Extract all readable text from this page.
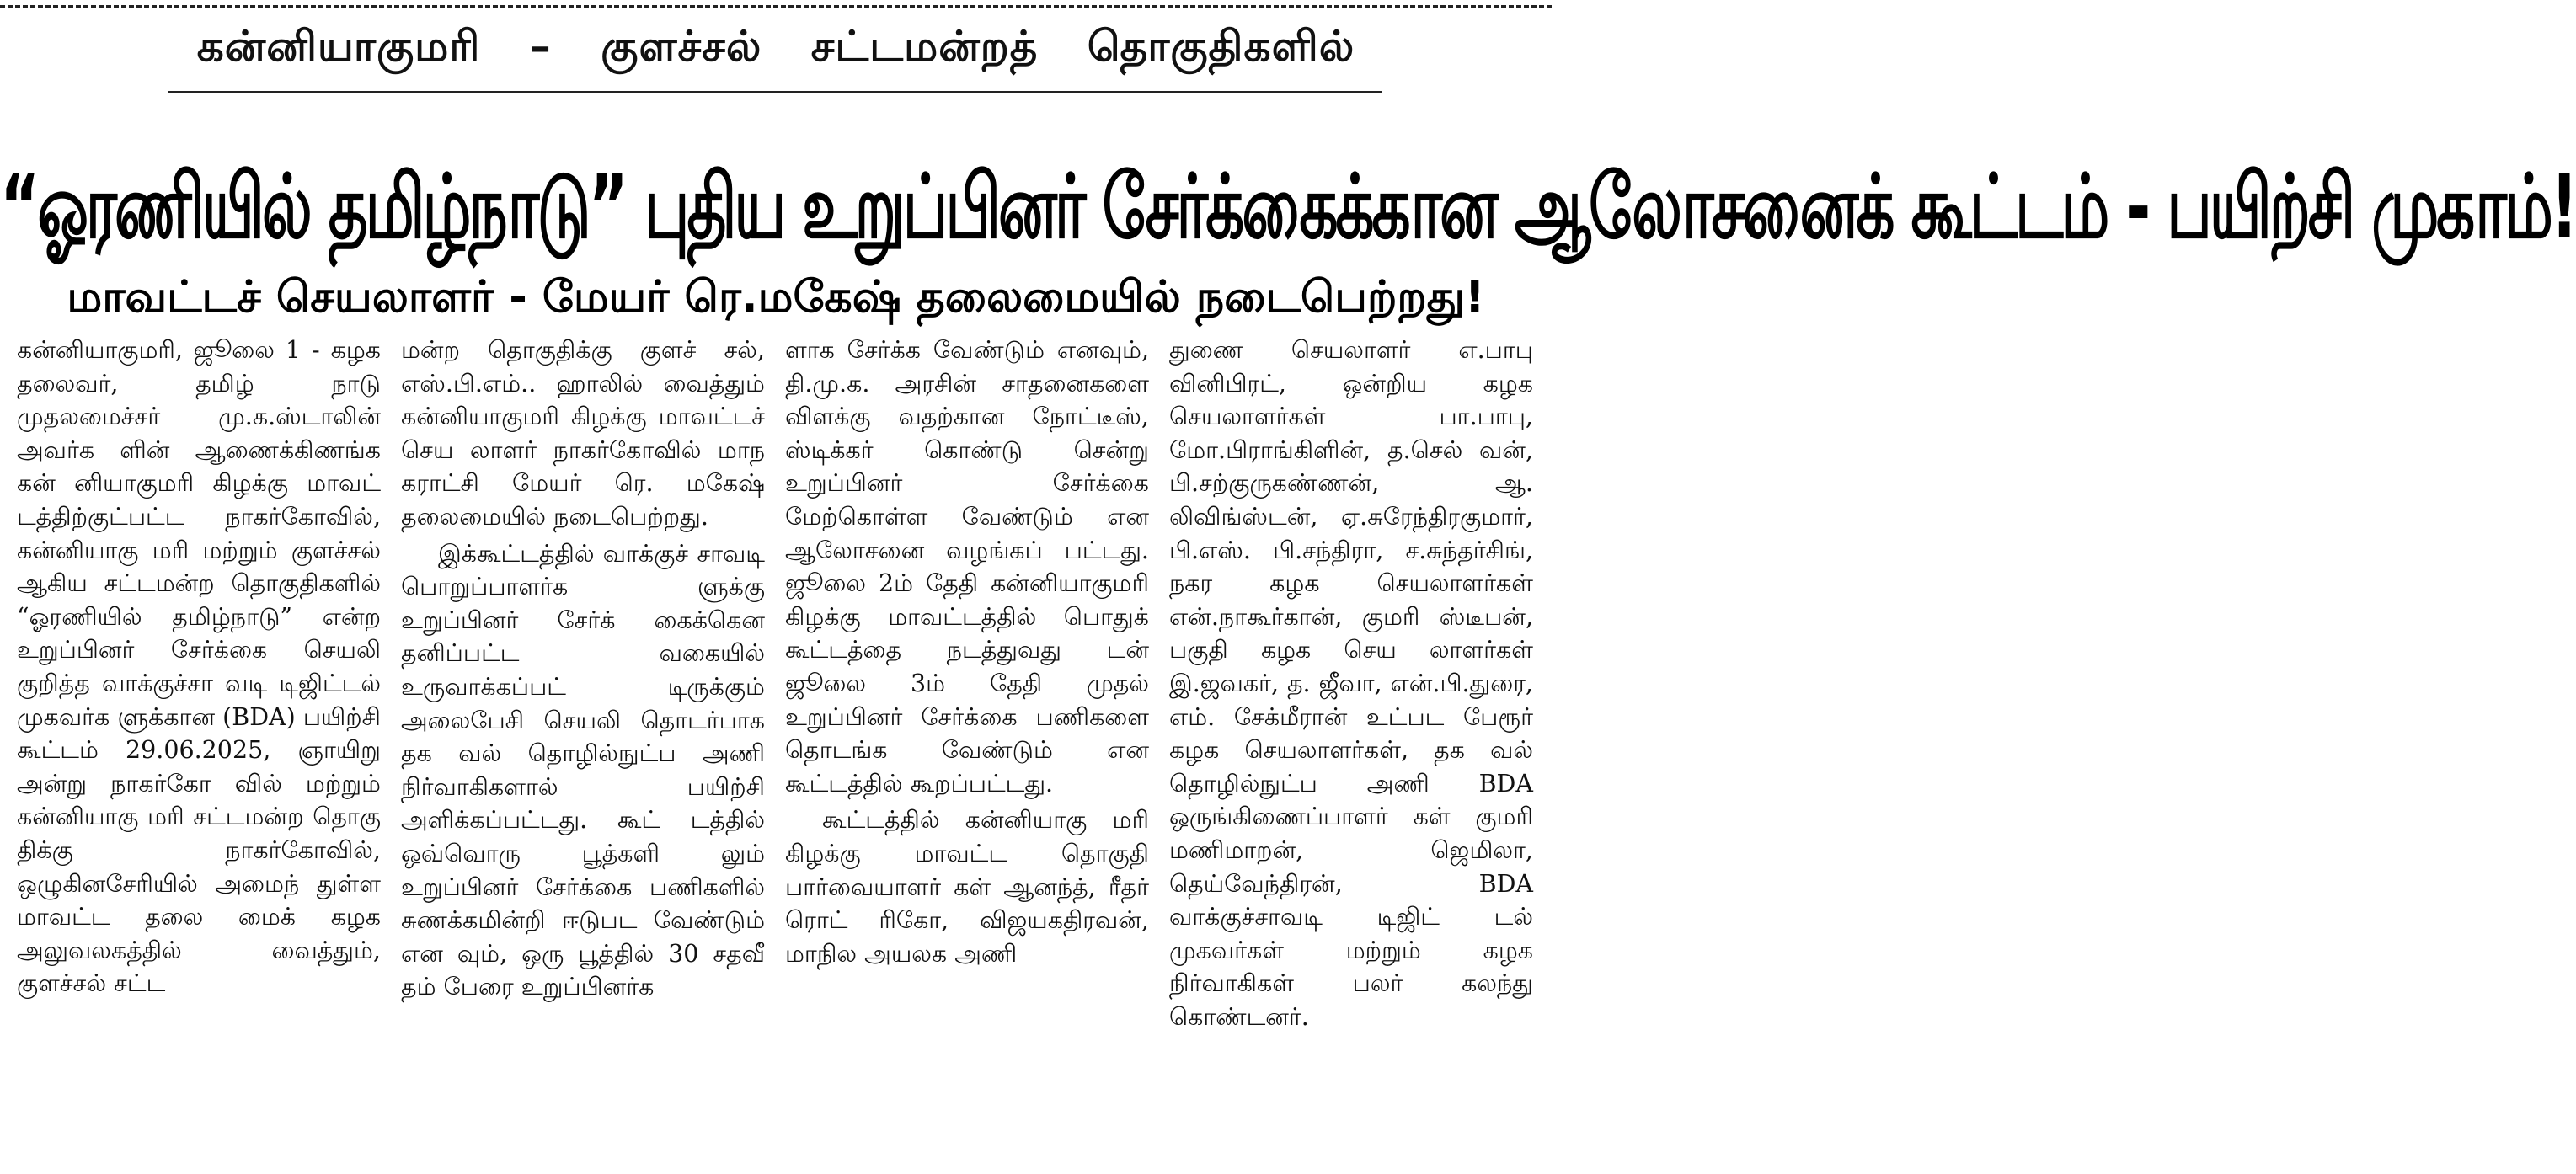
கன்னியாகுமரி – குளச்சல் சட்டமன்றத் தொகுதிகளில்
“ஓரணியில் தமிழ்நாடு” புதிய உறுப்பினர் சேர்க்கைக்கான ஆலோசனைக் கூட்டம் - பயிற்சி முகாம்!
மாவட்டச் செயலாளர் - மேயர் ரெ.மகேஷ் தலைமையில் நடைபெற்றது!

கன்னியாகுமரி, ஜூலை 1 - கழக தலைவர், தமிழ் நாடு முதலமைச்சர் மு.க.ஸ்டாலின் அவர்க ளின் ஆணைக்கிணங்க கன் னியாகுமரி கிழக்கு மாவட் டத்திற்குட்பட்ட நாகர்கோவில், கன்னியாகு மரி மற்றும் குளச்சல் ஆகிய சட்டமன்ற தொகுதிகளில் “ஓரணியில் தமிழ்நாடு” என்ற உறுப்பினர் சேர்க்கை செயலி குறித்த வாக்குச்சா வடி டிஜிட்டல் முகவர்க ளுக்கான (BDA) பயிற்சி கூட்டம் 29.06.2025, ஞாயிறு அன்று நாகர்கோ வில் மற்றும் கன்னியாகு மரி சட்டமன்ற தொகு திக்கு நாகர்கோவில், ஒழுகினசேரியில் அமைந் துள்ள மாவட்ட தலை மைக் கழக அலுவலகத்தில் வைத்தும், குளச்சல் சட்ட

மன்ற தொகுதிக்கு குளச் சல், எஸ்.பி.எம்.. ஹாலில் வைத்தும் கன்னியாகுமரி கிழக்கு மாவட்டச் செய லாளர் நாகர்கோவில் மாந கராட்சி மேயர் ரெ. மகேஷ் தலைமையில் நடைபெற்றது.

இக்கூட்டத்தில் வாக்குச் சாவடி பொறுப்பாளர்க ளுக்கு உறுப்பினர் சேர்க் கைக்கென தனிப்பட்ட வகையில் உருவாக்கப்பட் டிருக்கும் அலைபேசி செயலி தொடர்பாக தக வல் தொழில்நுட்ப அணி நிர்வாகிகளால் பயிற்சி அளிக்கப்பட்டது. கூட் டத்தில் ஒவ்வொரு பூத்களி லும் உறுப்பினர் சேர்க்கை பணிகளில் சுணக்கமின்றி ஈடுபட வேண்டும் என வும், ஒரு பூத்தில் 30 சதவீ தம் பேரை உறுப்பினர்க

ளாக சேர்க்க வேண்டும் எனவும், தி.மு.க. அரசின் சாதனைகளை விளக்கு வதற்கான நோட்டீஸ், ஸ்டிக்கர் கொண்டு சென்று உறுப்பினர் சேர்க்கை மேற்கொள்ள வேண்டும் என ஆலோசனை வழங்கப் பட்டது. ஜூலை 2ம் தேதி கன்னியாகுமரி கிழக்கு மாவட்டத்தில் பொதுக் கூட்டத்தை நடத்துவது டன் ஜூலை 3ம் தேதி முதல் உறுப்பினர் சேர்க்கை பணிகளை தொடங்க வேண்டும் என கூட்டத்தில் கூறப்பட்டது.

கூட்டத்தில் கன்னியாகு மரி கிழக்கு மாவட்ட தொகுதி பார்வையாளர் கள் ஆனந்த், ரீதர் ரொட் ரிகோ, விஜயகதிரவன், மாநில அயலக அணி

துணை செயலாளர் எ.பாபு வினிபிரட், ஒன்றிய கழக செயலாளர்கள் பா.பாபு, மோ.பிராங்கிளின், த.செல் வன், பி.சற்குருகண்ணன், ஆ. லிவிங்ஸ்டன், ஏ.சுரேந்திரகுமார், பி.எஸ். பி.சந்திரா, ச.சுந்தர்சிங், நகர கழக செயலாளர்கள் என்.நாகூர்கான், குமரி ஸ்டீபன், பகுதி கழக செய லாளர்கள் இ.ஜவகர், த. ஜீவா, என்.பி.துரை, எம். சேக்மீரான் உட்பட பேரூர் கழக செயலாளர்கள், தக வல் தொழில்நுட்ப அணி BDA ஒருங்கிணைப்பாளர் கள் குமரி மணிமாறன், ஜெமிலா, தெய்வேந்திரன், BDA வாக்குச்சாவடி டிஜிட் டல் முகவர்கள் மற்றும் கழக நிர்வாகிகள் பலர் கலந்து கொண்டனர்.
